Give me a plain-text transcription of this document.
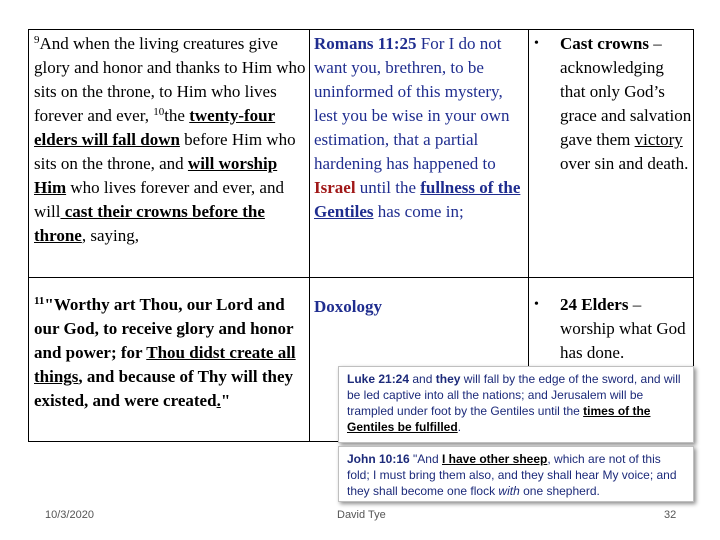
$^9$And when the living creatures give glory and honor and thanks to Him who sits on the throne, to Him who lives forever and ever, $^{10}$the twenty-four elders will fall down before Him who sits on the throne, and will worship Him who lives forever and ever, and will cast their crowns before the throne, saying,
$^{11}$"Worthy art Thou, our Lord and our God, to receive glory and honor and power; for Thou didst create all things, and because of Thy will they existed, and were created."
Romans 11:25 For I do not want you, brethren, to be uninformed of this mystery, lest you be wise in your own estimation, that a partial hardening has happened to Israel until the fullness of the Gentiles has come in;
Doxology
• Cast crowns – acknowledging that only God’s grace and salvation gave them victory over sin and death.
• 24 Elders – worship what God has done.
Luke 21:24 and they will fall by the edge of the sword, and will be led captive into all the nations; and Jerusalem will be trampled under foot by the Gentiles until the times of the Gentiles be fulfilled.
John 10:16 "And I have other sheep, which are not of this fold; I must bring them also, and they shall hear My voice; and they shall become one flock with one shepherd.
10/3/2020	David Tye	32
